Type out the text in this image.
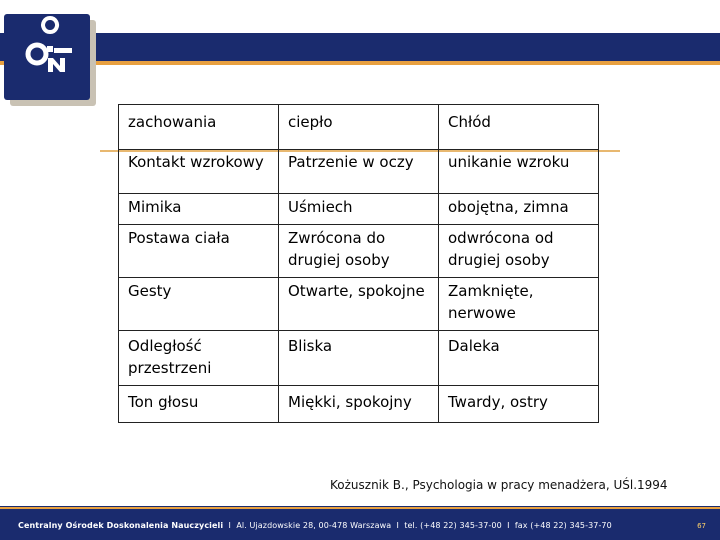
zachowania	ciepło	Chłód
Kontakt wzrokowy	Patrzenie w oczy	unikanie wzroku
Mimika	Uśmiech	obojętna, zimna
Postawa ciała	Zwrócona do drugiej osoby	odwrócona od drugiej osoby
Gesty	Otwarte, spokojne	Zamknięte, nerwowe
Odległość przestrzeni	Bliska	Daleka
Ton głosu	Miękki, spokojny	Twardy, ostry
Kożusznik B., Psychologia w pracy menadżera, UŚl.1994
Centralny Ośrodek Doskonalenia Nauczycieli I Al. Ujazdowskie 28, 00-478 Warszawa I tel. (+48 22) 345-37-00 I fax (+48 22) 345-37-70	67
